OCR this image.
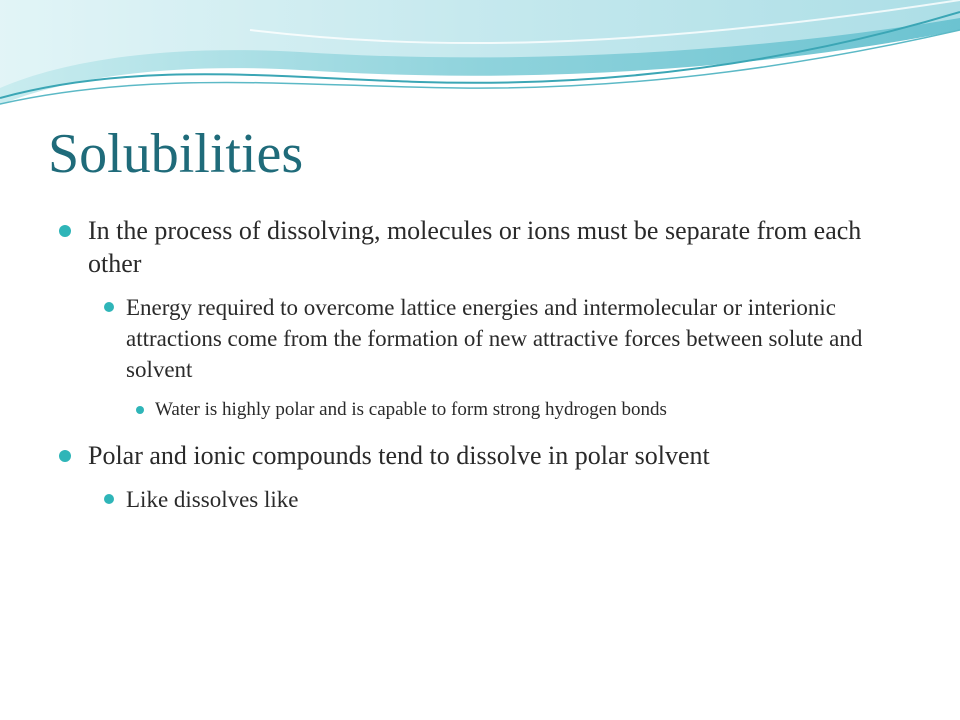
Solubilities
In the process of dissolving, molecules or ions must be separate from each other
Energy required to overcome lattice energies and intermolecular or interionic attractions come from the formation of new attractive forces between solute and solvent
Water is highly polar and is capable to form strong hydrogen bonds
Polar and ionic compounds tend to dissolve in polar solvent
Like dissolves like
